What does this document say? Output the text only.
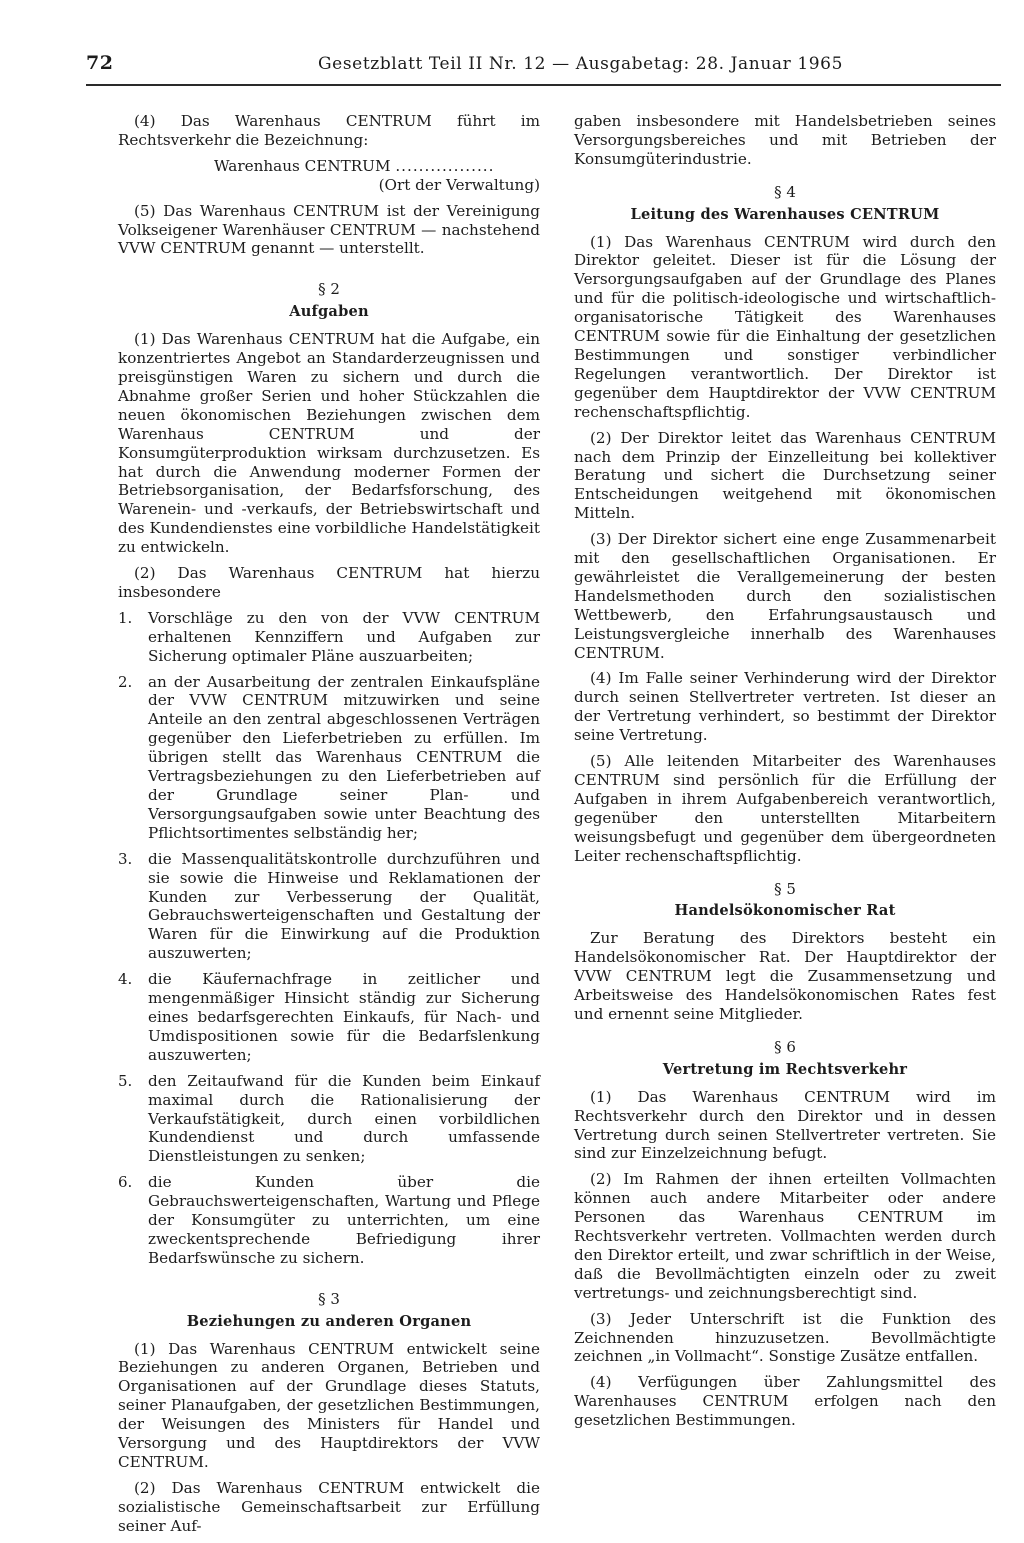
72	Gesetzblatt Teil II Nr. 12 — Ausgabetag: 28. Januar 1965

(4) Das Warenhaus CENTRUM führt im Rechtsverkehr die Bezeichnung:

Warenhaus CENTRUM .................

(Ort der Verwaltung)

(5) Das Warenhaus CENTRUM ist der Vereinigung Volkseigener Warenhäuser CENTRUM — nachstehend VVW CENTRUM genannt — unterstellt.

§ 2
Aufgaben

(1) Das Warenhaus CENTRUM hat die Aufgabe, ein konzentriertes Angebot an Standarderzeugnissen und preisgünstigen Waren zu sichern und durch die Abnahme großer Serien und hoher Stückzahlen die neuen ökonomischen Beziehungen zwischen dem Warenhaus CENTRUM und der Konsumgüterproduktion wirksam durchzusetzen. Es hat durch die Anwendung moderner Formen der Betriebsorganisation, der Bedarfsforschung, des Warenein- und -verkaufs, der Betriebswirtschaft und des Kundendienstes eine vorbildliche Handelstätigkeit zu entwickeln.

(2) Das Warenhaus CENTRUM hat hierzu insbesondere

1.	Vorschläge zu den von der VVW CENTRUM erhaltenen Kennziffern und Aufgaben zur Sicherung optimaler Pläne auszuarbeiten;
2.	an der Ausarbeitung der zentralen Einkaufspläne der VVW CENTRUM mitzuwirken und seine Anteile an den zentral abgeschlossenen Verträgen gegenüber den Lieferbetrieben zu erfüllen. Im übrigen stellt das Warenhaus CENTRUM die Vertragsbeziehungen zu den Lieferbetrieben auf der Grundlage seiner Plan- und Versorgungsaufgaben sowie unter Beachtung des Pflichtsortimentes selbständig her;
3.	die Massenqualitätskontrolle durchzuführen und sie sowie die Hinweise und Reklamationen der Kunden zur Verbesserung der Qualität, Gebrauchswerteigenschaften und Gestaltung der Waren für die Einwirkung auf die Produktion auszuwerten;
4.	die Käufernachfrage in zeitlicher und mengenmäßiger Hinsicht ständig zur Sicherung eines bedarfsgerechten Einkaufs, für Nach- und Umdispositionen sowie für die Bedarfslenkung auszuwerten;
5.	den Zeitaufwand für die Kunden beim Einkauf maximal durch die Rationalisierung der Verkaufstätigkeit, durch einen vorbildlichen Kundendienst und durch umfassende Dienstleistungen zu senken;
6.	die Kunden über die Gebrauchswerteigenschaften, Wartung und Pflege der Konsumgüter zu unterrichten, um eine zweckentsprechende Befriedigung ihrer Bedarfswünsche zu sichern.
§ 3
Beziehungen zu anderen Organen

(1) Das Warenhaus CENTRUM entwickelt seine Beziehungen zu anderen Organen, Betrieben und Organisationen auf der Grundlage dieses Statuts, seiner Planaufgaben, der gesetzlichen Bestimmungen, der Weisungen des Ministers für Handel und Versorgung und des Hauptdirektors der VVW CENTRUM.

(2) Das Warenhaus CENTRUM entwickelt die sozialistische Gemeinschaftsarbeit zur Erfüllung seiner Auf-

gaben insbesondere mit Handelsbetrieben seines Versorgungsbereiches und mit Betrieben der Konsumgüterindustrie.

§ 4
Leitung des Warenhauses CENTRUM

(1) Das Warenhaus CENTRUM wird durch den Direktor geleitet. Dieser ist für die Lösung der Versorgungsaufgaben auf der Grundlage des Planes und für die politisch-ideologische und wirtschaftlich-organisatorische Tätigkeit des Warenhauses CENTRUM sowie für die Einhaltung der gesetzlichen Bestimmungen und sonstiger verbindlicher Regelungen verantwortlich. Der Direktor ist gegenüber dem Hauptdirektor der VVW CENTRUM rechenschaftspflichtig.

(2) Der Direktor leitet das Warenhaus CENTRUM nach dem Prinzip der Einzelleitung bei kollektiver Beratung und sichert die Durchsetzung seiner Entscheidungen weitgehend mit ökonomischen Mitteln.

(3) Der Direktor sichert eine enge Zusammenarbeit mit den gesellschaftlichen Organisationen. Er gewährleistet die Verallgemeinerung der besten Handelsmethoden durch den sozialistischen Wettbewerb, den Erfahrungsaustausch und Leistungsvergleiche innerhalb des Warenhauses CENTRUM.

(4) Im Falle seiner Verhinderung wird der Direktor durch seinen Stellvertreter vertreten. Ist dieser an der Vertretung verhindert, so bestimmt der Direktor seine Vertretung.

(5) Alle leitenden Mitarbeiter des Warenhauses CENTRUM sind persönlich für die Erfüllung der Aufgaben in ihrem Aufgabenbereich verantwortlich, gegenüber den unterstellten Mitarbeitern weisungsbefugt und gegenüber dem übergeordneten Leiter rechenschaftspflichtig.

§ 5
Handelsökonomischer Rat

Zur Beratung des Direktors besteht ein Handelsökonomischer Rat. Der Hauptdirektor der VVW CENTRUM legt die Zusammensetzung und Arbeitsweise des Handelsökonomischen Rates fest und ernennt seine Mitglieder.

§ 6
Vertretung im Rechtsverkehr

(1) Das Warenhaus CENTRUM wird im Rechtsverkehr durch den Direktor und in dessen Vertretung durch seinen Stellvertreter vertreten. Sie sind zur Einzelzeichnung befugt.

(2) Im Rahmen der ihnen erteilten Vollmachten können auch andere Mitarbeiter oder andere Personen das Warenhaus CENTRUM im Rechtsverkehr vertreten. Vollmachten werden durch den Direktor erteilt, und zwar schriftlich in der Weise, daß die Bevollmächtigten einzeln oder zu zweit vertretungs- und zeichnungsberechtigt sind.

(3) Jeder Unterschrift ist die Funktion des Zeichnenden hinzuzusetzen. Bevollmächtigte zeichnen „in Vollmacht“. Sonstige Zusätze entfallen.

(4) Verfügungen über Zahlungsmittel des Warenhauses CENTRUM erfolgen nach den gesetzlichen Bestimmungen.
